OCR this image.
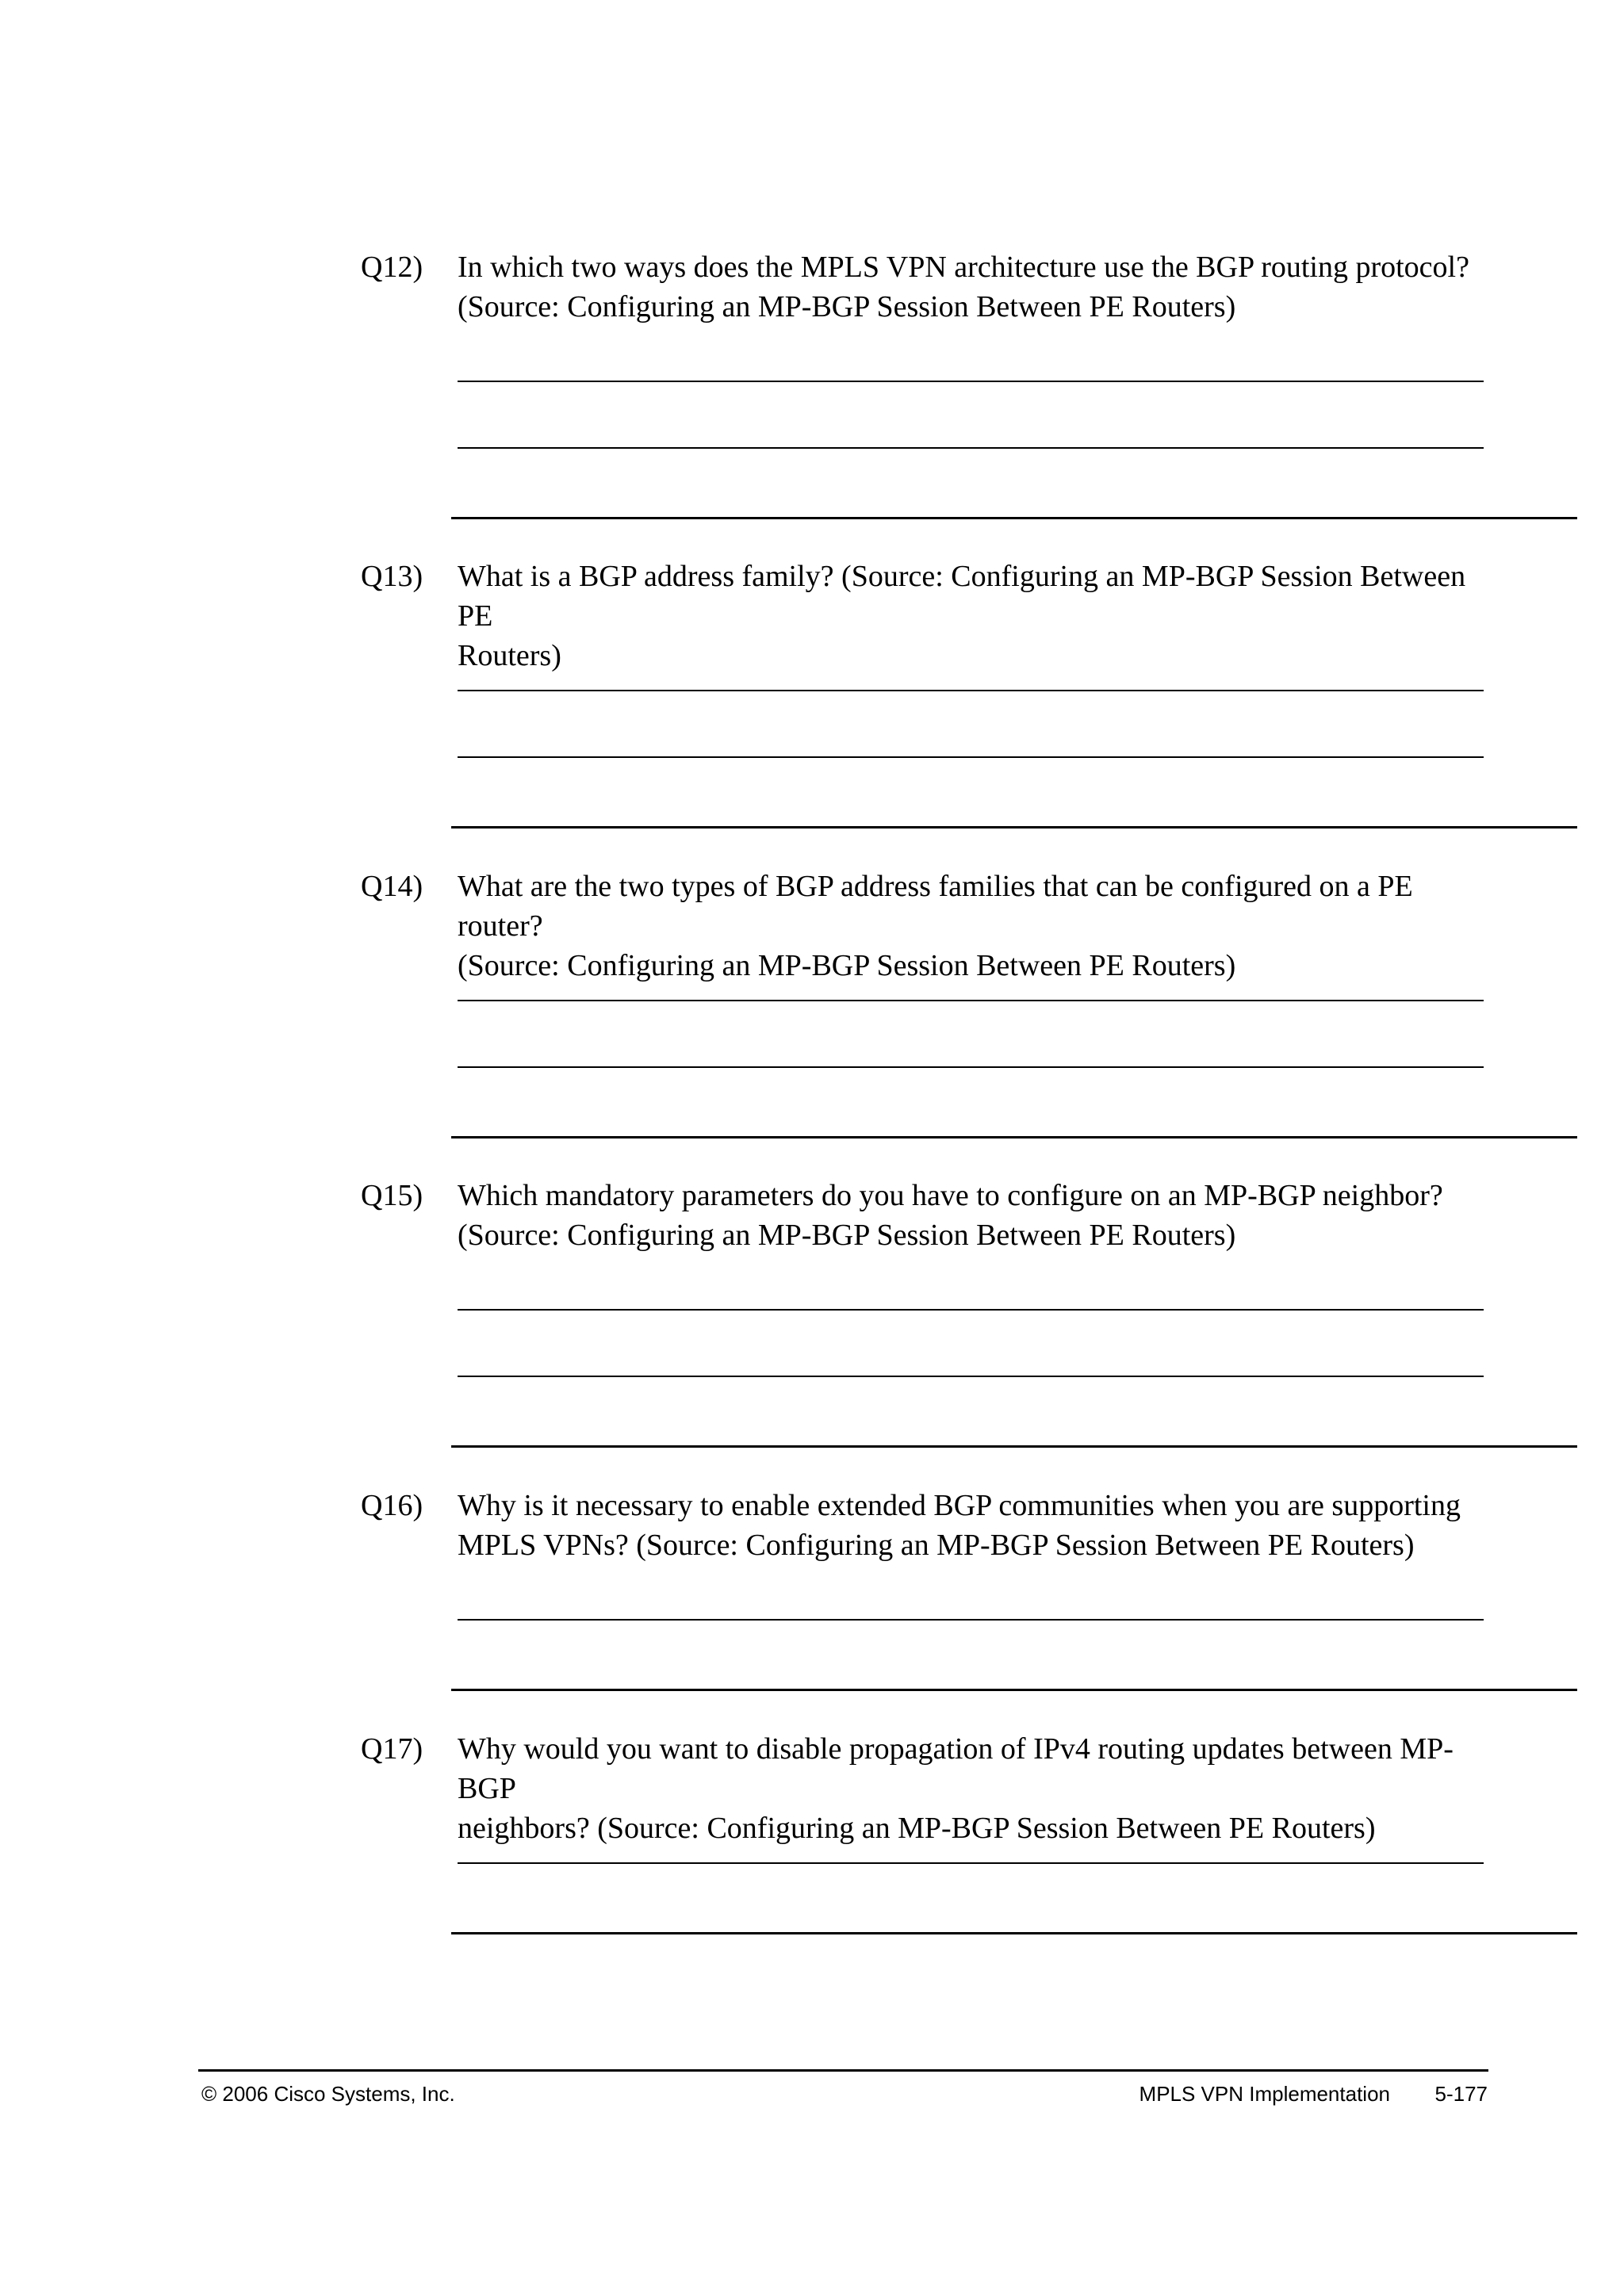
Q12) In which two ways does the MPLS VPN architecture use the BGP routing protocol?
(Source: Configuring an MP-BGP Session Between PE Routers)

Q13) What is a BGP address family? (Source: Configuring an MP-BGP Session Between PE
Routers)

Q14) What are the two types of BGP address families that can be configured on a PE router?
(Source: Configuring an MP-BGP Session Between PE Routers)

Q15) Which mandatory parameters do you have to configure on an MP-BGP neighbor?
(Source: Configuring an MP-BGP Session Between PE Routers)

Q16) Why is it necessary to enable extended BGP communities when you are supporting
MPLS VPNs? (Source: Configuring an MP-BGP Session Between PE Routers)

Q17) Why would you want to disable propagation of IPv4 routing updates between MP-BGP
neighbors? (Source: Configuring an MP-BGP Session Between PE Routers)

© 2006 Cisco Systems, Inc.	MPLS VPN Implementation 5-177
